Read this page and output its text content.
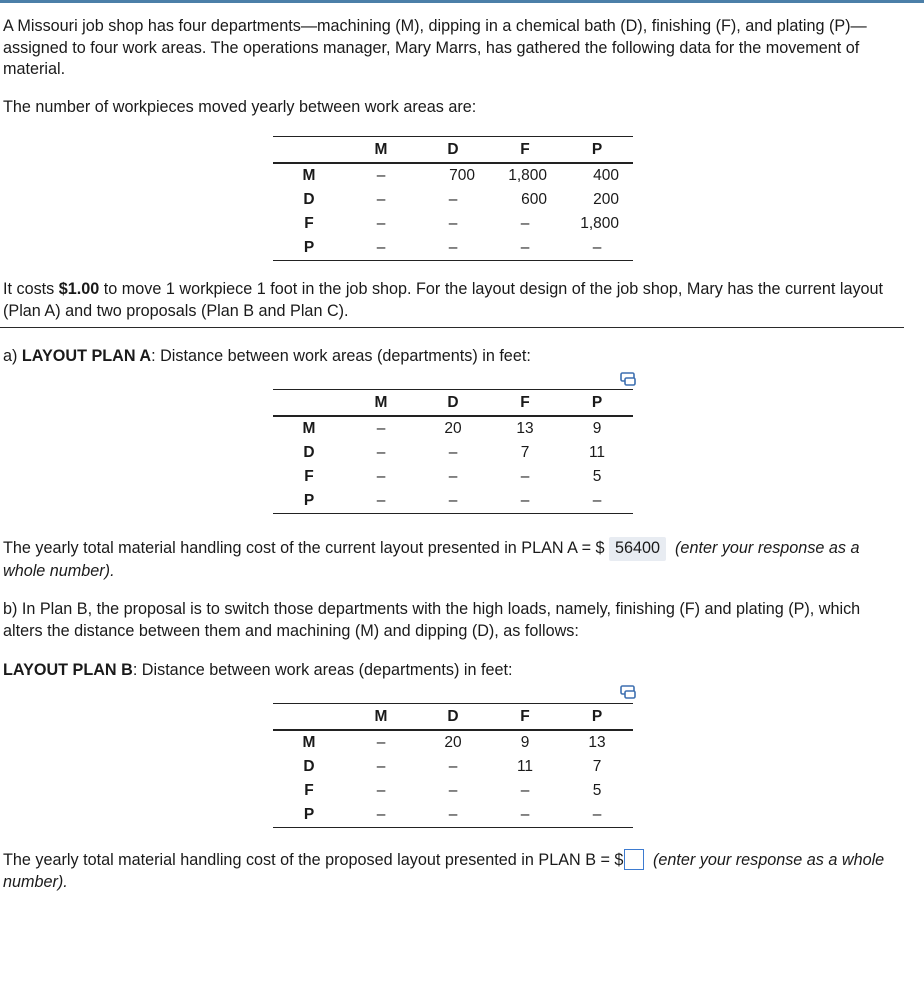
A Missouri job shop has four departments—machining (M), dipping in a chemical bath (D), finishing (F), and plating (P)—assigned to four work areas. The operations manager, Mary Marrs, has gathered the following data for the movement of material.

The number of workpieces moved yearly between work areas are:

	M	D	F	P
M	–	700	1,800	400
D	–	–	600	200
F	–	–	–	1,800
P	–	–	–	–

It costs $1.00 to move 1 workpiece 1 foot in the job shop. For the layout design of the job shop, Mary has the current layout (Plan A) and two proposals (Plan B and Plan C).

a) LAYOUT PLAN A: Distance between work areas (departments) in feet:

	M	D	F	P
M	–	20	13	9
D	–	–	7	11
F	–	–	–	5
P	–	–	–	–

The yearly total material handling cost of the current layout presented in PLAN A = $ 56400 (enter your response as a whole number).

b) In Plan B, the proposal is to switch those departments with the high loads, namely, finishing (F) and plating (P), which alters the distance between them and machining (M) and dipping (D), as follows:

LAYOUT PLAN B: Distance between work areas (departments) in feet:

	M	D	F	P
M	–	20	9	13
D	–	–	11	7
F	–	–	–	5
P	–	–	–	–

The yearly total material handling cost of the proposed layout presented in PLAN B = $ (enter your response as a whole number).
